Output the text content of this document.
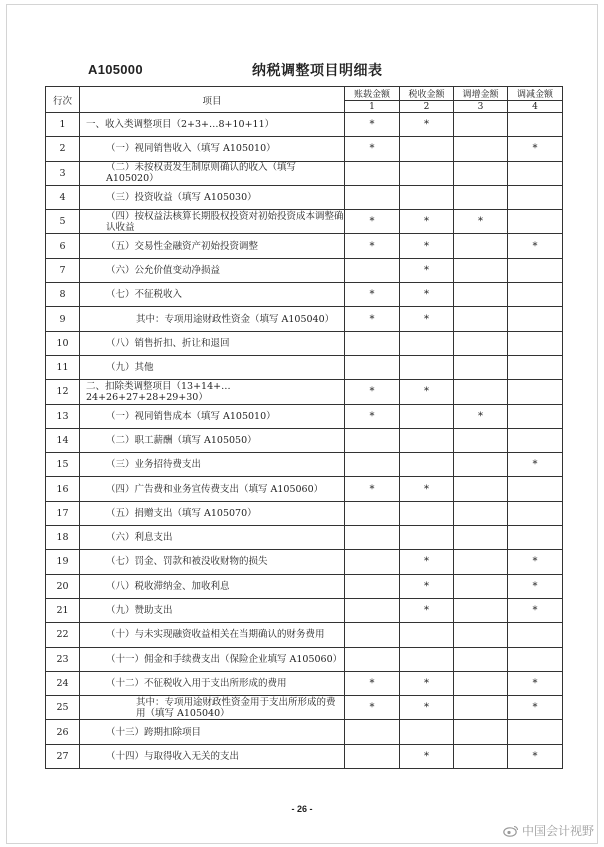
A105000	纳税调整项目明细表
行次	项目	账载金额	税收金额	调增金额	调减金额
		1	2	3	4
1	一、收入类调整项目（2+3+…8+10+11）	*	*		
2	（一）视同销售收入（填写 A105010）	*			*
3	（二）未按权责发生制原则确认的收入（填写 A105020）				
4	（三）投资收益（填写 A105030）				
5	（四）按权益法核算长期股权投资对初始投资成本调整确认收益	*	*	*	
6	（五）交易性金融资产初始投资调整	*	*		*
7	（六）公允价值变动净损益		*		
8	（七）不征税收入	*	*		
9	其中：专项用途财政性资金（填写 A105040）	*	*		
10	（八）销售折扣、折让和退回				
11	（九）其他				
12	二、扣除类调整项目（13+14+…24+26+27+28+29+30）	*	*		
13	（一）视同销售成本（填写 A105010）	*		*	
14	（二）职工薪酬（填写 A105050）				
15	（三）业务招待费支出				*
16	（四）广告费和业务宣传费支出（填写 A105060）	*	*		
17	（五）捐赠支出（填写 A105070）				
18	（六）利息支出				
19	（七）罚金、罚款和被没收财物的损失		*		*
20	（八）税收滞纳金、加收利息		*		*
21	（九）赞助支出		*		*
22	（十）与未实现融资收益相关在当期确认的财务费用				
23	（十一）佣金和手续费支出（保险企业填写 A105060）				
24	（十二）不征税收入用于支出所形成的费用	*	*		*
25	其中：专项用途财政性资金用于支出所形成的费用（填写 A105040）	*	*		*
26	（十三）跨期扣除项目				
27	（十四）与取得收入无关的支出		*		*
- 26 -
中国会计视野
